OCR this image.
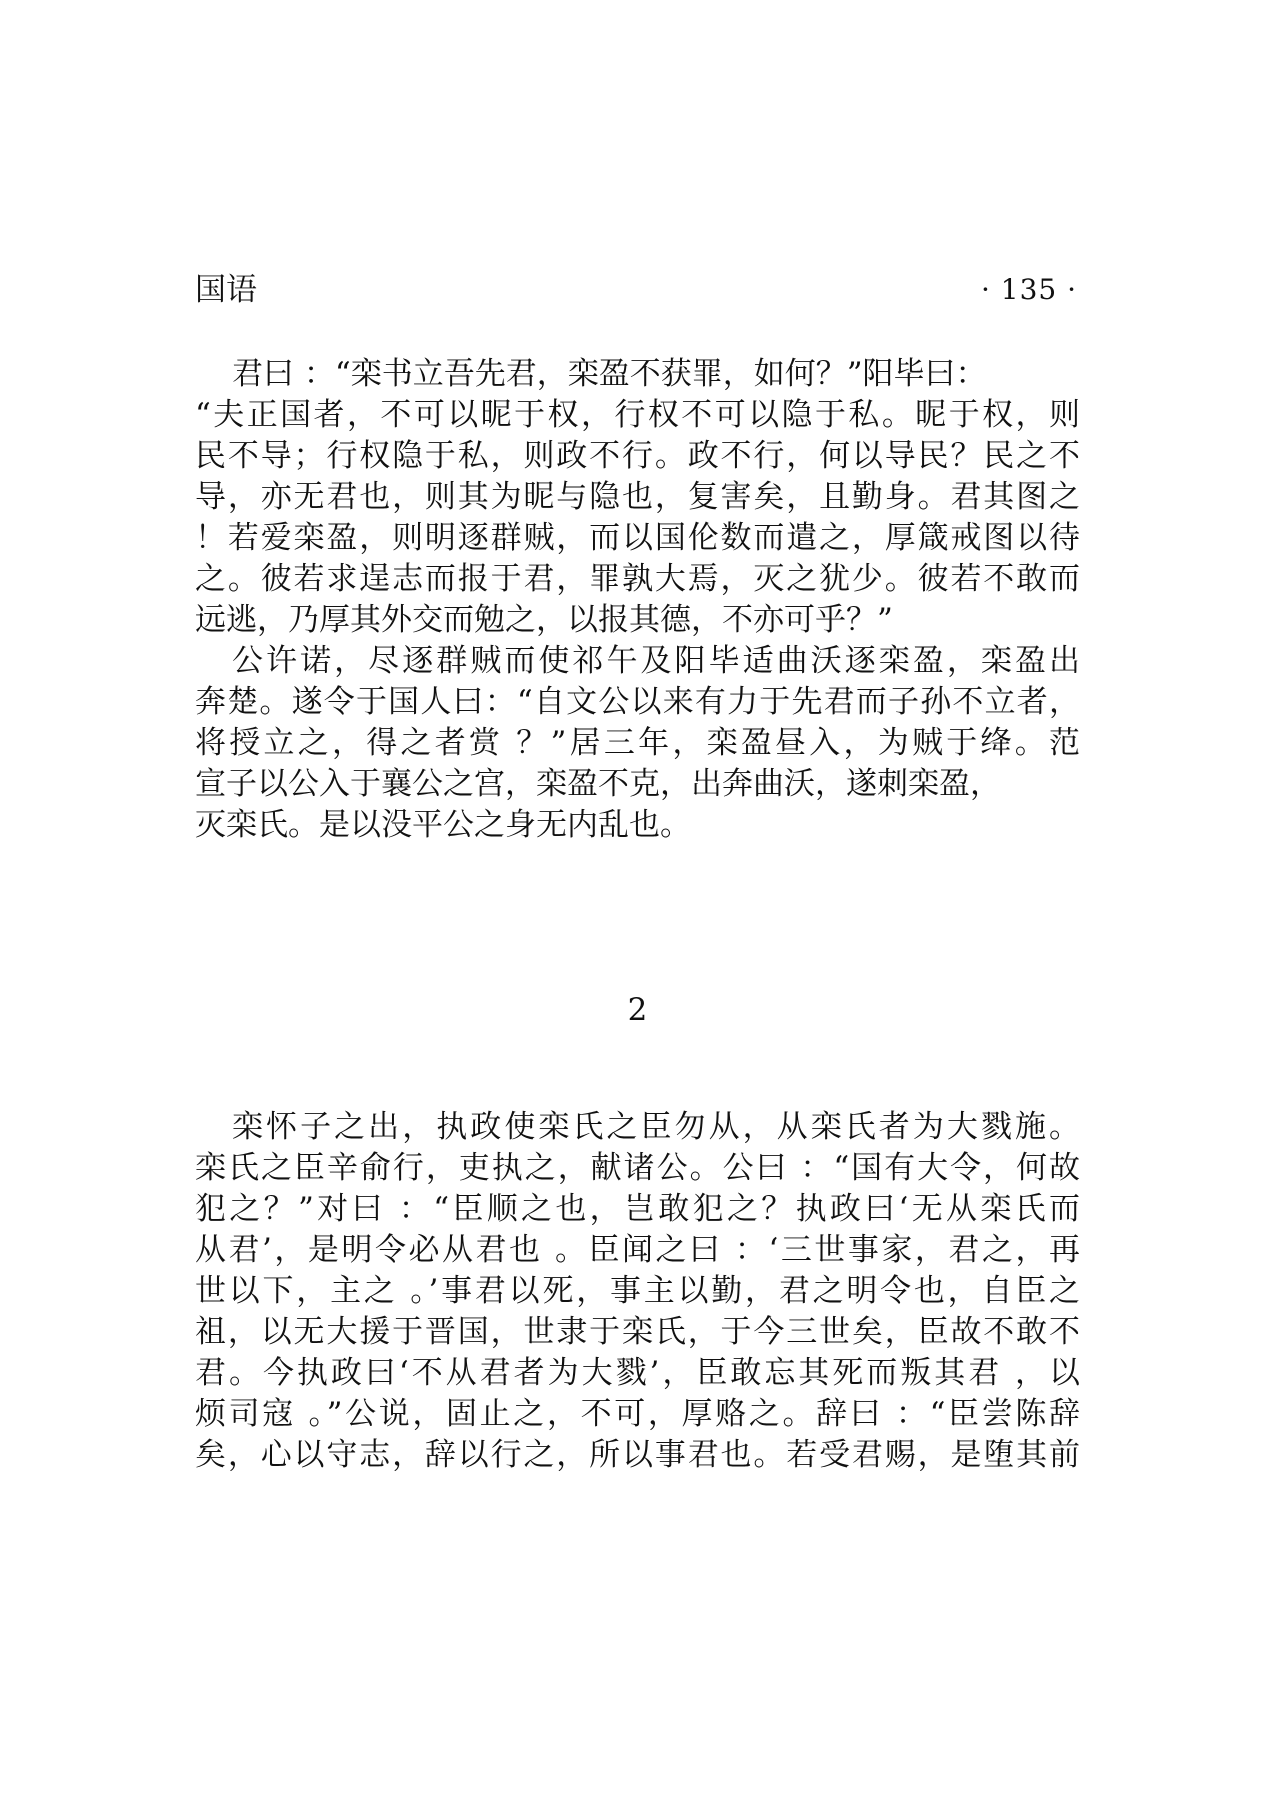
国语	· 135 ·
君曰 ：“栾书立吾先君，栾盈不获罪，如何？”阳毕曰：
“夫正国者，不可以昵于权，行权不可以隐于私。昵于权，则
民不导；行权隐于私，则政不行。政不行，何以导民？民之不
导，亦无君也，则其为昵与隐也，复害矣，且勤身。君其图之
！若爱栾盈，则明逐群贼，而以国伦数而遣之，厚箴戒图以待
之。彼若求逞志而报于君，罪孰大焉，灭之犹少。彼若不敢而
远逃，乃厚其外交而勉之，以报其德，不亦可乎？”
公许诺，尽逐群贼而使祁午及阳毕适曲沃逐栾盈，栾盈出
奔楚。遂令于国人曰：“自文公以来有力于先君而子孙不立者，
将授立之，得之者赏 ？”居三年，栾盈昼入，为贼于绛。范
宣子以公入于襄公之宫，栾盈不克，出奔曲沃，遂刺栾盈，
灭栾氏。是以没平公之身无内乱也。
2
栾怀子之出，执政使栾氏之臣勿从，从栾氏者为大戮施。
栾氏之臣辛俞行，吏执之，献诸公。公曰 ：“国有大令，何故
犯之？”对曰 ：“臣顺之也，岂敢犯之？执政曰‘无从栾氏而
从君’，是明令必从君也 。臣闻之曰 ：‘三世事家，君之，再
世以下，主之 。’事君以死，事主以勤，君之明令也，自臣之
祖，以无大援于晋国，世隶于栾氏，于今三世矣，臣故不敢不
君。今执政曰‘不从君者为大戮’，臣敢忘其死而叛其君 ，以
烦司寇 。”公说，固止之，不可，厚赂之。辞曰 ：“臣尝陈辞
矣，心以守志，辞以行之，所以事君也。若受君赐，是堕其前
